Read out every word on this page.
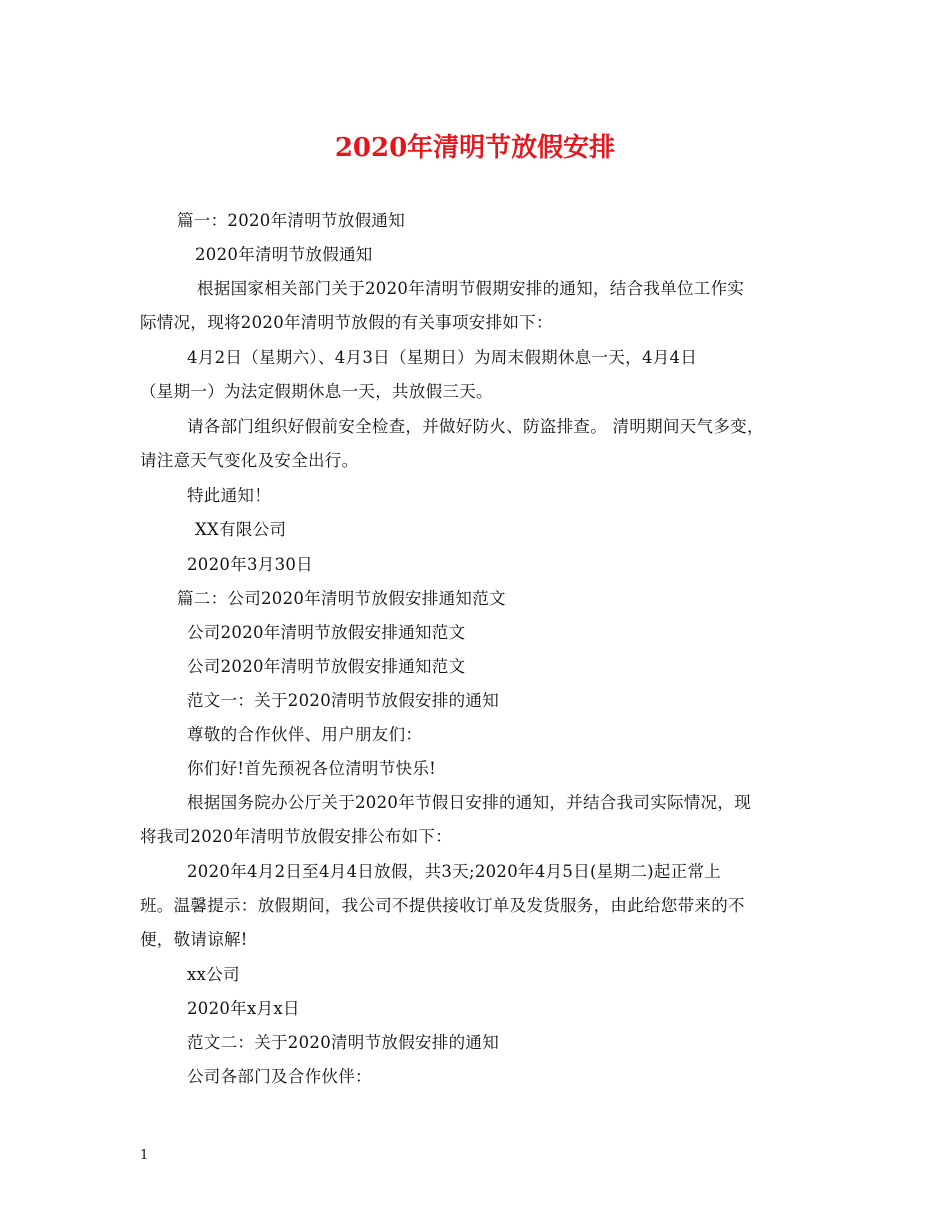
2020年清明节放假安排
篇一：2020年清明节放假通知
2020年清明节放假通知
根据国家相关部门关于2020年清明节假期安排的通知，结合我单位工作实
际情况，现将2020年清明节放假的有关事项安排如下：
4月2日（星期六）、4月3日（星期日）为周末假期休息一天，4月4日
（星期一）为法定假期休息一天，共放假三天。
请各部门组织好假前安全检查，并做好防火、防盗排查。 清明期间天气多变，
请注意天气变化及安全出行。
特此通知！
XX有限公司
2020年3月30日
篇二：公司2020年清明节放假安排通知范文
公司2020年清明节放假安排通知范文
公司2020年清明节放假安排通知范文
范文一：关于2020清明节放假安排的通知
尊敬的合作伙伴、用户朋友们：
你们好!首先预祝各位清明节快乐!
根据国务院办公厅关于2020年节假日安排的通知，并结合我司实际情况，现
将我司2020年清明节放假安排公布如下：
2020年4月2日至4月4日放假，共3天;2020年4月5日(星期二)起正常上
班。温馨提示：放假期间，我公司不提供接收订单及发货服务，由此给您带来的不
便，敬请谅解!
xx公司
2020年x月x日
范文二：关于2020清明节放假安排的通知
公司各部门及合作伙伴：
1
